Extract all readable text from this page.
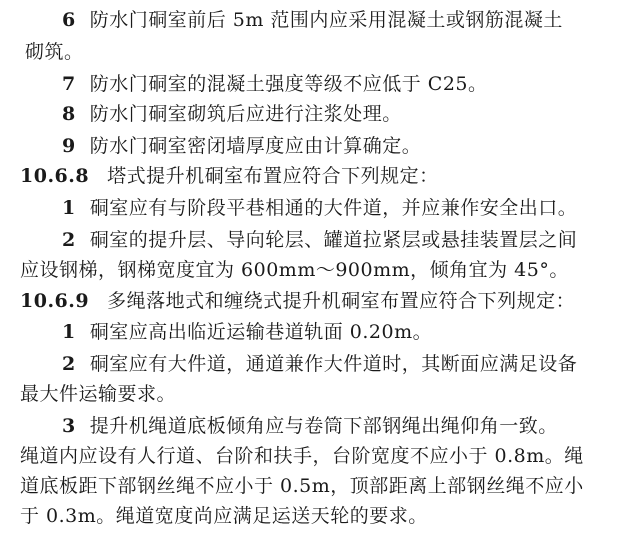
6 防水门硐室前后 5m 范围内应采用混凝土或钢筋混凝土
砌筑。
7 防水门硐室的混凝土强度等级不应低于 C25。
8 防水门硐室砌筑后应进行注浆处理。
9 防水门硐室密闭墙厚度应由计算确定。
10.6.8 塔式提升机硐室布置应符合下列规定：
1 硐室应有与阶段平巷相通的大件道，并应兼作安全出口。
2 硐室的提升层、导向轮层、罐道拉紧层或悬挂装置层之间
应设钢梯，钢梯宽度宜为 600mm～900mm，倾角宜为 45°。
10.6.9 多绳落地式和缠绕式提升机硐室布置应符合下列规定：
1 硐室应高出临近运输巷道轨面 0.20m。
2 硐室应有大件道，通道兼作大件道时，其断面应满足设备
最大件运输要求。
3 提升机绳道底板倾角应与卷筒下部钢绳出绳仰角一致。
绳道内应设有人行道、台阶和扶手，台阶宽度不应小于 0.8m。绳
道底板距下部钢丝绳不应小于 0.5m，顶部距离上部钢丝绳不应小
于 0.3m。绳道宽度尚应满足运送天轮的要求。
